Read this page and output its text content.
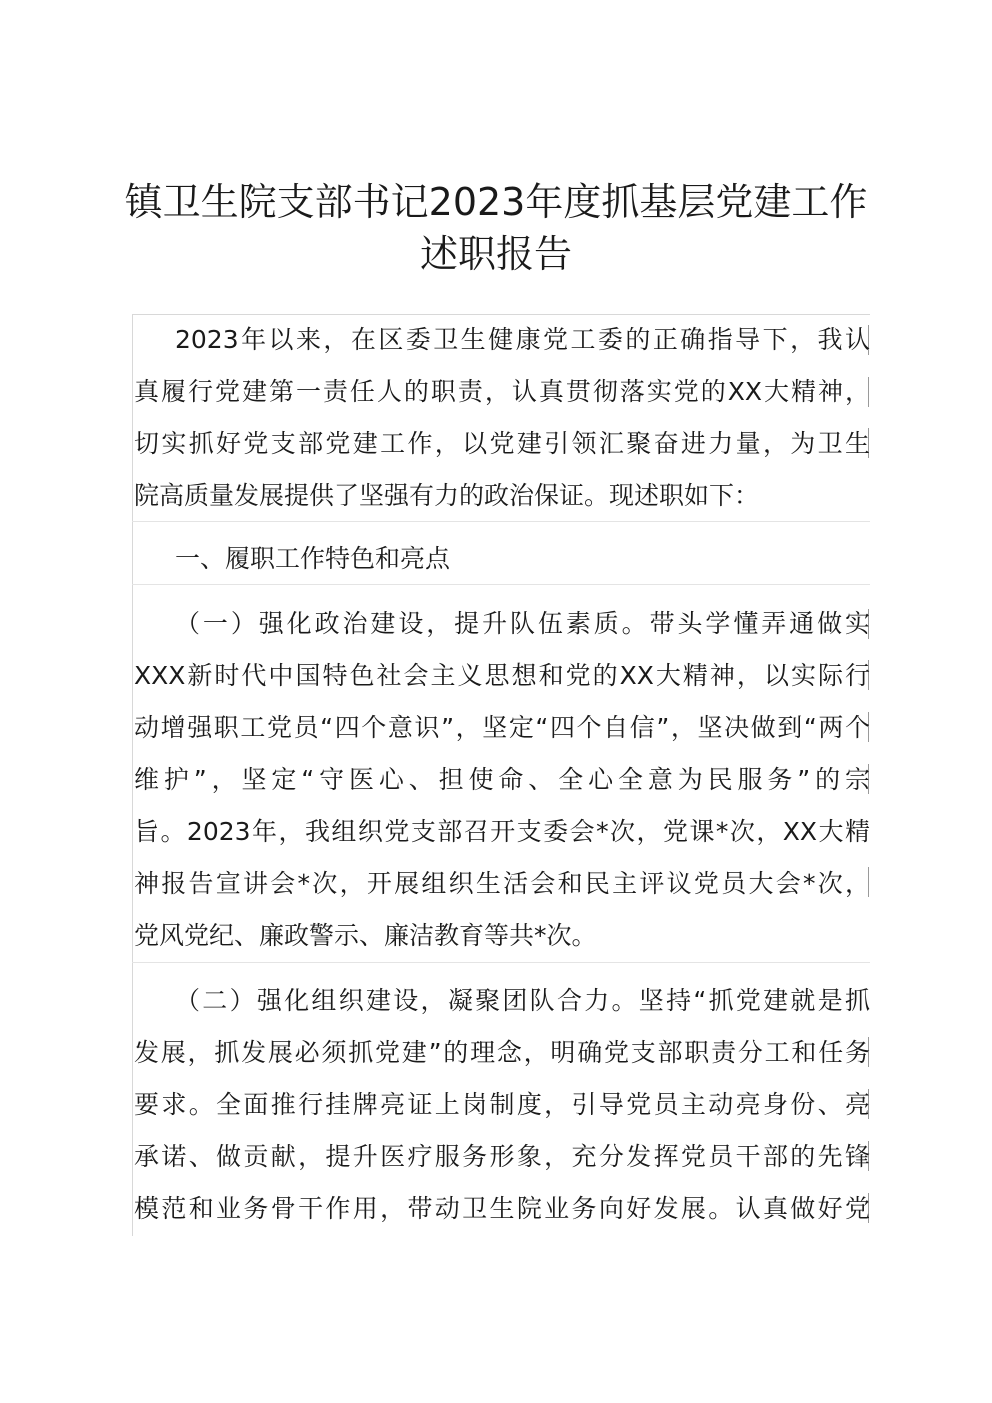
镇卫生院支部书记2023年度抓基层党建工作
述职报告
2023年以来，在区委卫生健康党工委的正确指导下，我认
真履行党建第一责任人的职责，认真贯彻落实党的XX大精神，
切实抓好党支部党建工作，以党建引领汇聚奋进力量，为卫生
院高质量发展提供了坚强有力的政治保证。现述职如下：
一、履职工作特色和亮点
（一）强化政治建设，提升队伍素质。带头学懂弄通做实
XXX新时代中国特色社会主义思想和党的XX大精神，以实际行
动增强职工党员“四个意识”，坚定“四个自信”，坚决做到“两个
维护”，坚定“守医心、担使命、全心全意为民服务”的宗
旨。2023年，我组织党支部召开支委会*次，党课*次，XX大精
神报告宣讲会*次，开展组织生活会和民主评议党员大会*次，
党风党纪、廉政警示、廉洁教育等共*次。
（二）强化组织建设，凝聚团队合力。坚持“抓党建就是抓
发展，抓发展必须抓党建”的理念，明确党支部职责分工和任务
要求。全面推行挂牌亮证上岗制度，引导党员主动亮身份、亮
承诺、做贡献，提升医疗服务形象，充分发挥党员干部的先锋
模范和业务骨干作用，带动卫生院业务向好发展。认真做好党
